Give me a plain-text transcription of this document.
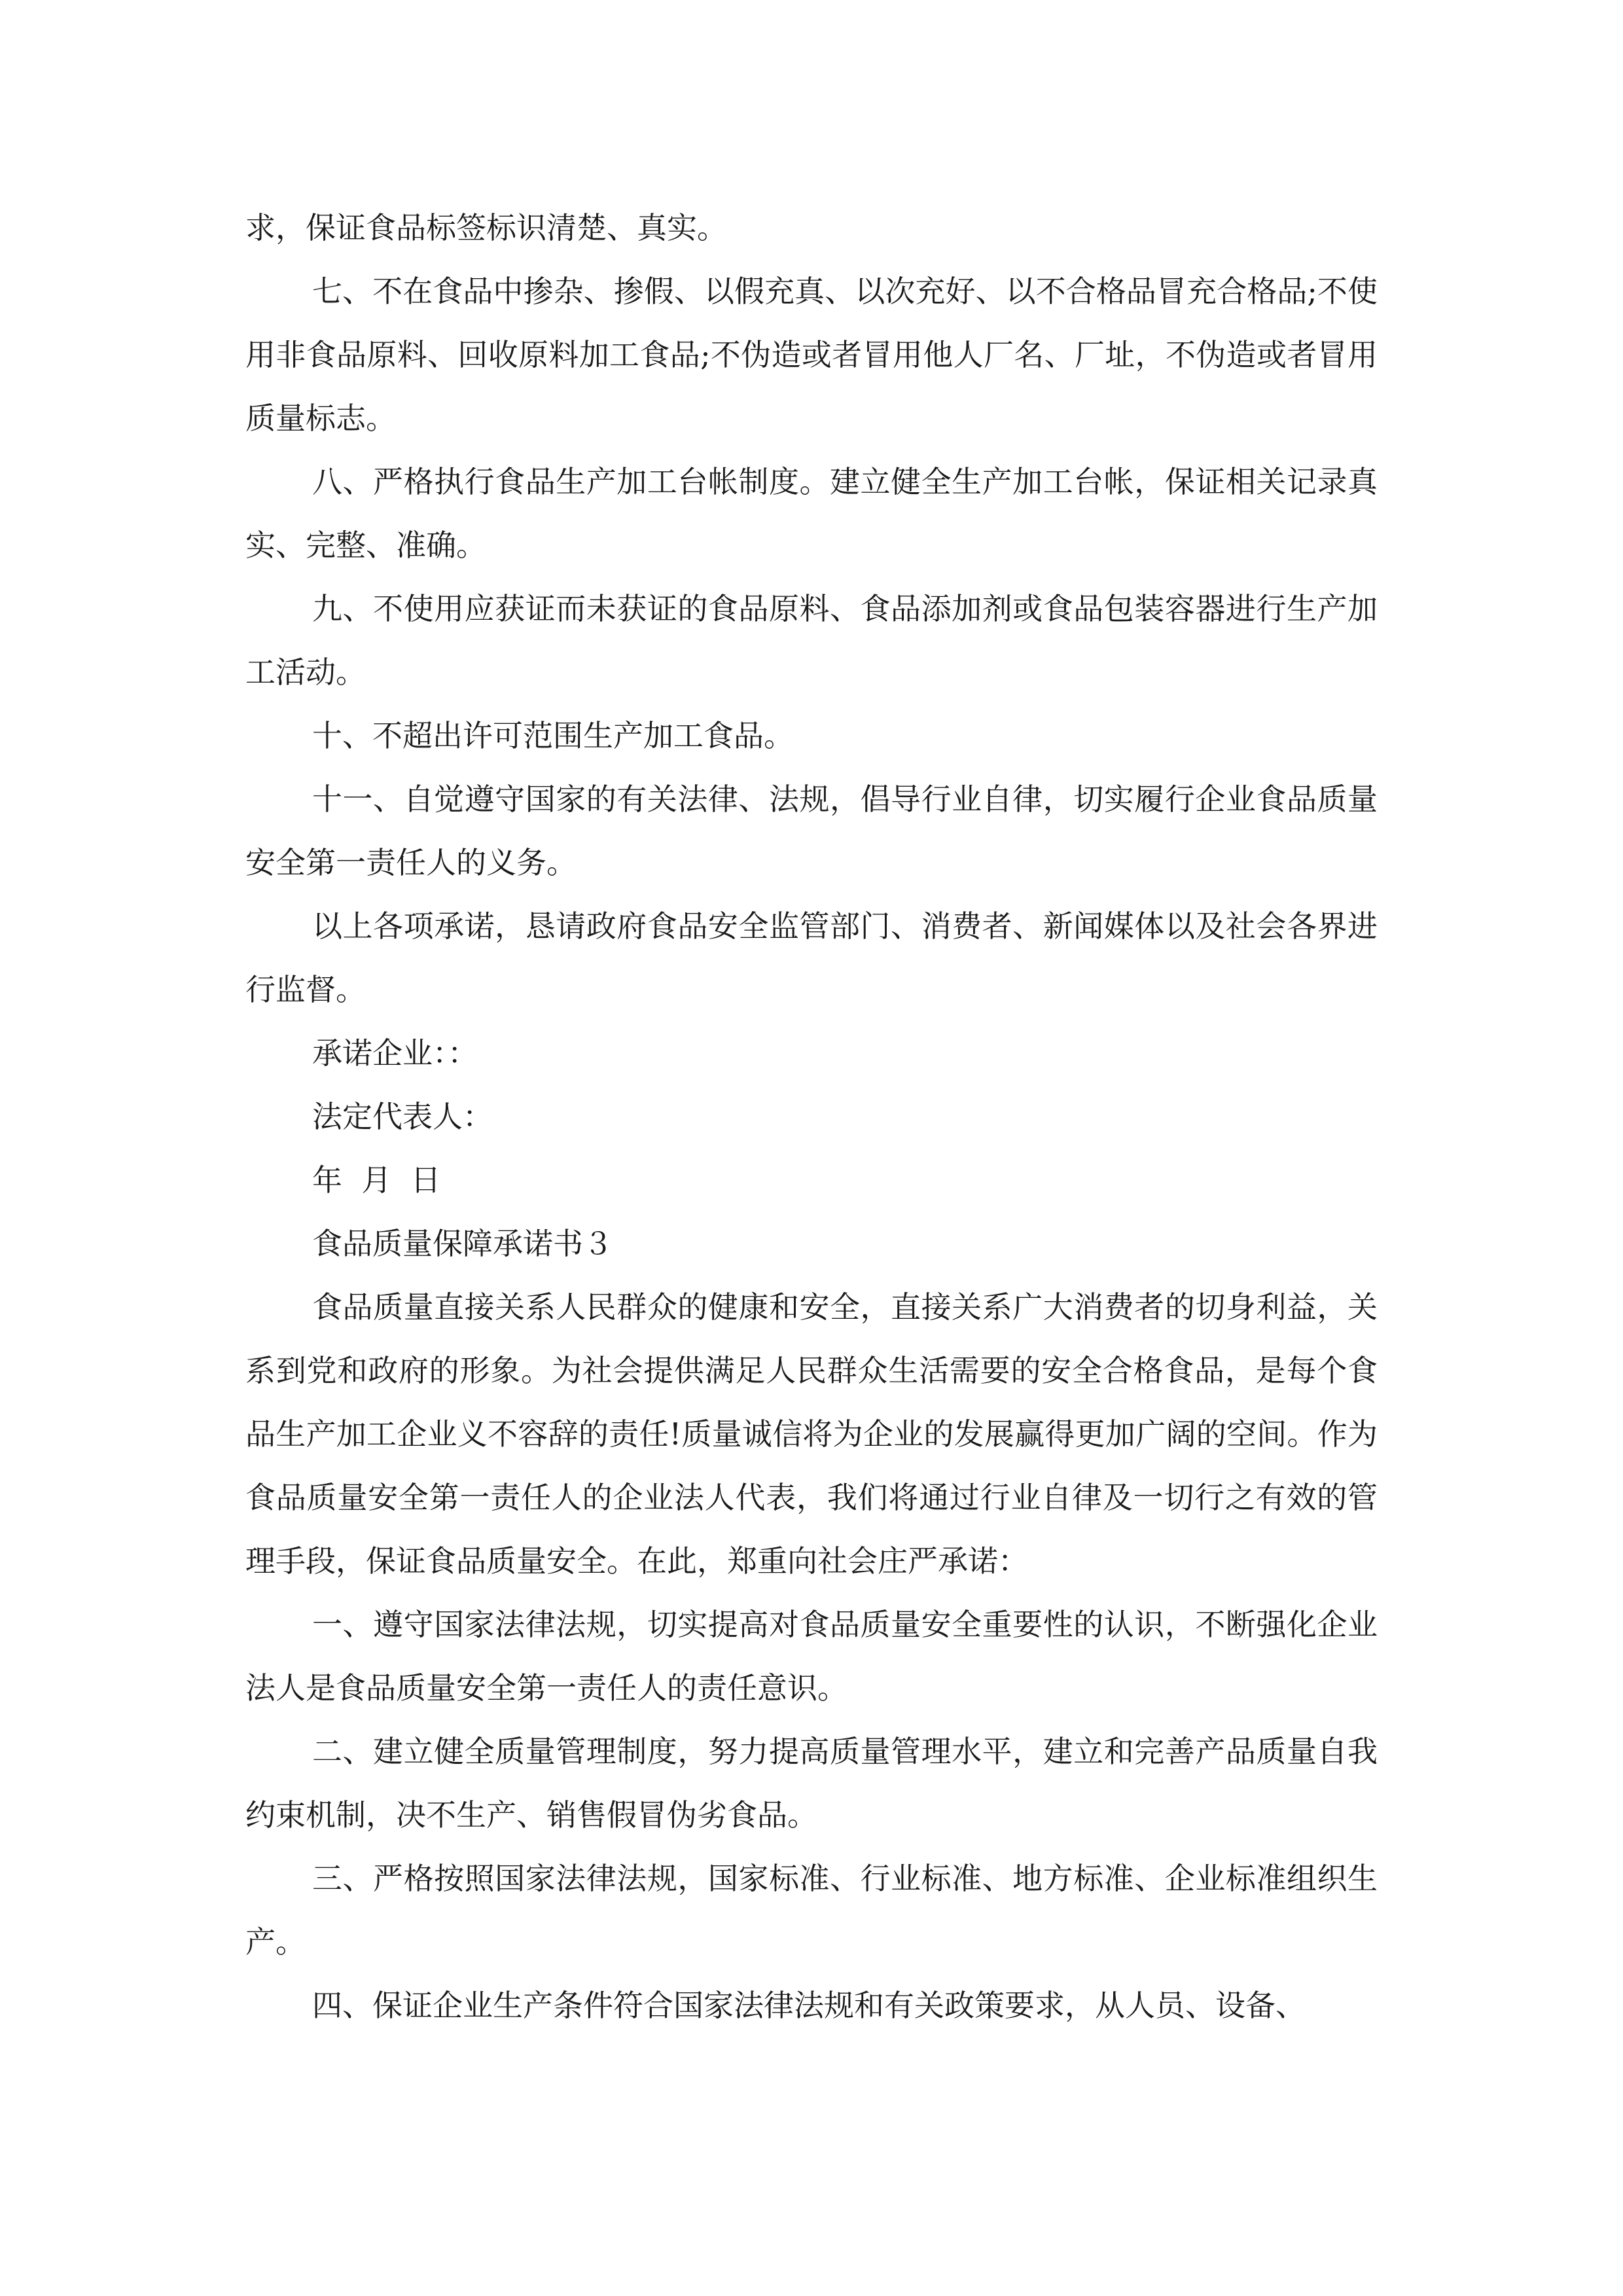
求，保证食品标签标识清楚、真实。

七、不在食品中掺杂、掺假、以假充真、以次充好、以不合格品冒充合格品;不使用非食品原料、回收原料加工食品;不伪造或者冒用他人厂名、厂址，不伪造或者冒用质量标志。

八、严格执行食品生产加工台帐制度。建立健全生产加工台帐，保证相关记录真实、完整、准确。

九、不使用应获证而未获证的食品原料、食品添加剂或食品包装容器进行生产加工活动。

十、不超出许可范围生产加工食品。

十一、自觉遵守国家的有关法律、法规，倡导行业自律，切实履行企业食品质量安全第一责任人的义务。

以上各项承诺，恳请政府食品安全监管部门、消费者、新闻媒体以及社会各界进行监督。

承诺企业：：

法定代表人：

年  月  日

食品质量保障承诺书３

食品质量直接关系人民群众的健康和安全，直接关系广大消费者的切身利益，关系到党和政府的形象。为社会提供满足人民群众生活需要的安全合格食品，是每个食品生产加工企业义不容辞的责任!质量诚信将为企业的发展赢得更加广阔的空间。作为食品质量安全第一责任人的企业法人代表，我们将通过行业自律及一切行之有效的管理手段，保证食品质量安全。在此，郑重向社会庄严承诺：

一、遵守国家法律法规，切实提高对食品质量安全重要性的认识，不断强化企业法人是食品质量安全第一责任人的责任意识。

二、建立健全质量管理制度，努力提高质量管理水平，建立和完善产品质量自我约束机制，决不生产、销售假冒伪劣食品。

三、严格按照国家法律法规，国家标准、行业标准、地方标准、企业标准组织生产。

四、保证企业生产条件符合国家法律法规和有关政策要求，从人员、设备、
